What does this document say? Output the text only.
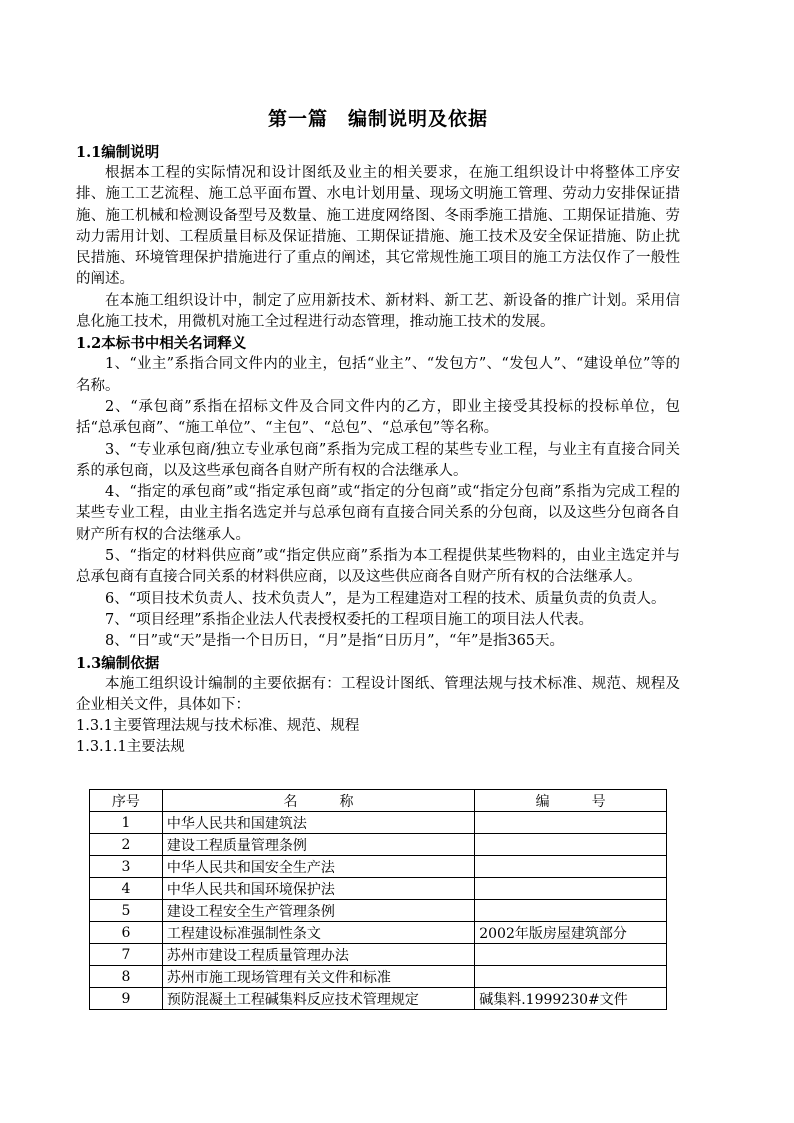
第一篇　编制说明及依据
1.1编制说明

根据本工程的实际情况和设计图纸及业主的相关要求，在施工组织设计中将整体工序安排、施工工艺流程、施工总平面布置、水电计划用量、现场文明施工管理、劳动力安排保证措施、施工机械和检测设备型号及数量、施工进度网络图、冬雨季施工措施、工期保证措施、劳动力需用计划、工程质量目标及保证措施、工期保证措施、施工技术及安全保证措施、防止扰民措施、环境管理保护措施进行了重点的阐述，其它常规性施工项目的施工方法仅作了一般性的阐述。

在本施工组织设计中，制定了应用新技术、新材料、新工艺、新设备的推广计划。采用信息化施工技术，用微机对施工全过程进行动态管理，推动施工技术的发展。

1.2本标书中相关名词释义

1、“业主”系指合同文件内的业主，包括“业主”、“发包方”、“发包人”、“建设单位”等的名称。

2、“承包商”系指在招标文件及合同文件内的乙方，即业主接受其投标的投标单位，包括“总承包商”、“施工单位”、“主包”、“总包”、“总承包”等名称。

3、“专业承包商/独立专业承包商”系指为完成工程的某些专业工程，与业主有直接合同关系的承包商，以及这些承包商各自财产所有权的合法继承人。

4、“指定的承包商”或“指定承包商”或“指定的分包商”或“指定分包商”系指为完成工程的某些专业工程，由业主指名选定并与总承包商有直接合同关系的分包商，以及这些分包商各自财产所有权的合法继承人。

5、“指定的材料供应商”或“指定供应商”系指为本工程提供某些物料的，由业主选定并与总承包商有直接合同关系的材料供应商，以及这些供应商各自财产所有权的合法继承人。

6、“项目技术负责人、技术负责人”，是为工程建造对工程的技术、质量负责的负责人。

7、“项目经理”系指企业法人代表授权委托的工程项目施工的项目法人代表。

8、“日”或“天”是指一个日历日，“月”是指“日历月”，“年”是指365天。

1.3编制依据

本施工组织设计编制的主要依据有：工程设计图纸、管理法规与技术标准、规范、规程及企业相关文件，具体如下：

1.3.1主要管理法规与技术标准、规范、规程
1.3.1.1主要法规
序号	名　　　称	编　　　号
1	中华人民共和国建筑法	
2	建设工程质量管理条例	
3	中华人民共和国安全生产法	
4	中华人民共和国环境保护法	
5	建设工程安全生产管理条例	
6	工程建设标准强制性条文	2002年版房屋建筑部分
7	苏州市建设工程质量管理办法	
8	苏州市施工现场管理有关文件和标准	
9	预防混凝土工程碱集料反应技术管理规定	碱集料.1999230#文件
